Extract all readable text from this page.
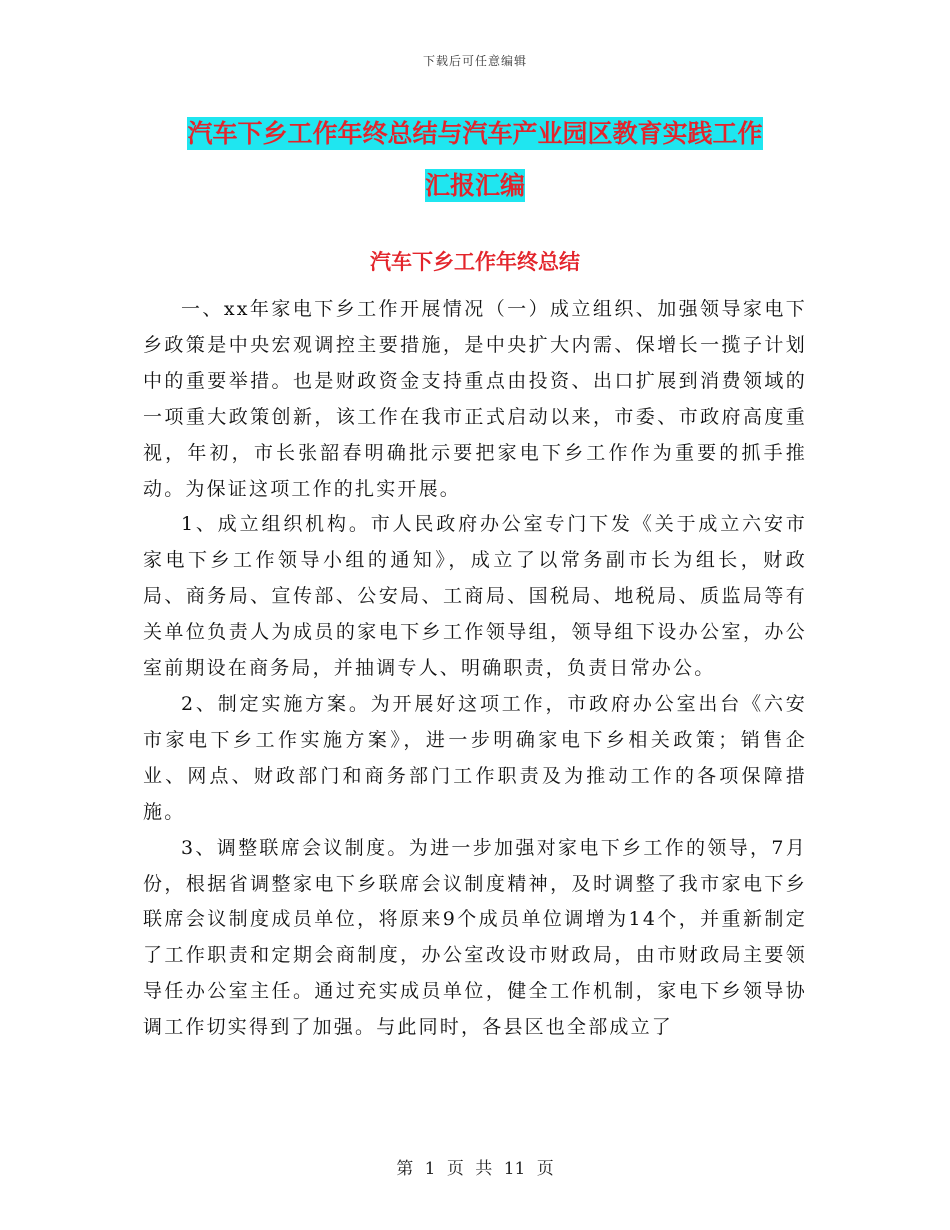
下载后可任意编辑
汽车下乡工作年终总结与汽车产业园区教育实践工作
汇报汇编
汽车下乡工作年终总结

一、xx年家电下乡工作开展情况（一）成立组织、加强领导家电下乡政策是中央宏观调控主要措施，是中央扩大内需、保增长一揽子计划中的重要举措。也是财政资金支持重点由投资、出口扩展到消费领域的一项重大政策创新，该工作在我市正式启动以来，市委、市政府高度重视，年初，市长张韶春明确批示要把家电下乡工作作为重要的抓手推动。为保证这项工作的扎实开展。

1、成立组织机构。市人民政府办公室专门下发《关于成立六安市家电下乡工作领导小组的通知》，成立了以常务副市长为组长，财政局、商务局、宣传部、公安局、工商局、国税局、地税局、质监局等有关单位负责人为成员的家电下乡工作领导组，领导组下设办公室，办公室前期设在商务局，并抽调专人、明确职责，负责日常办公。

2、制定实施方案。为开展好这项工作，市政府办公室出台《六安市家电下乡工作实施方案》，进一步明确家电下乡相关政策；销售企业、网点、财政部门和商务部门工作职责及为推动工作的各项保障措施。

3、调整联席会议制度。为进一步加强对家电下乡工作的领导，7月份，根据省调整家电下乡联席会议制度精神，及时调整了我市家电下乡联席会议制度成员单位，将原来9个成员单位调增为14个，并重新制定了工作职责和定期会商制度，办公室改设市财政局，由市财政局主要领导任办公室主任。通过充实成员单位，健全工作机制，家电下乡领导协调工作切实得到了加强。与此同时，各县区也全部成立了

第 1 页 共 11 页
